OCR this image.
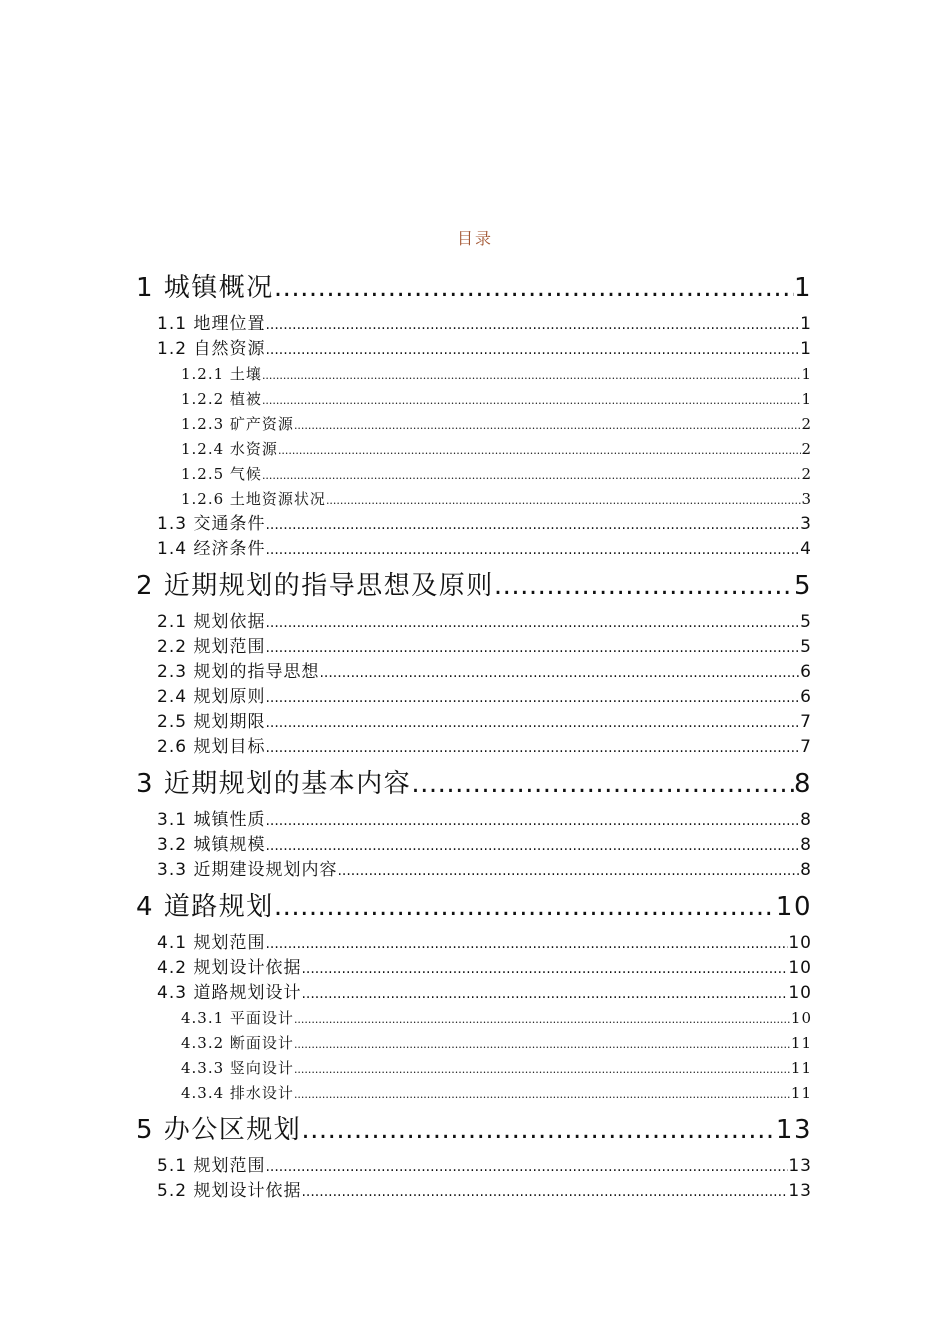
目录
1 城镇概况 .....	1
1.1 地理位置 .....	1
1.2 自然资源 .....	1
1.2.1 土壤 .....	1
1.2.2 植被 .....	1
1.2.3 矿产资源 .....	2
1.2.4 水资源 .....	2
1.2.5 气候 .....	2
1.2.6 土地资源状况 .....	3
1.3 交通条件 .....	3
1.4 经济条件 .....	4
2 近期规划的指导思想及原则 .....	5
2.1 规划依据 .....	5
2.2 规划范围 .....	5
2.3 规划的指导思想 .....	6
2.4 规划原则 .....	6
2.5 规划期限 .....	7
2.6 规划目标 .....	7
3 近期规划的基本内容 .....	8
3.1 城镇性质 .....	8
3.2 城镇规模 .....	8
3.3 近期建设规划内容 .....	8
4 道路规划 .....	10
4.1 规划范围 .....	10
4.2 规划设计依据 .....	10
4.3 道路规划设计 .....	10
4.3.1 平面设计 .....	10
4.3.2 断面设计 .....	11
4.3.3 竖向设计 .....	11
4.3.4 排水设计 .....	11
5 办公区规划 .....	13
5.1 规划范围 .....	13
5.2 规划设计依据 .....	13
